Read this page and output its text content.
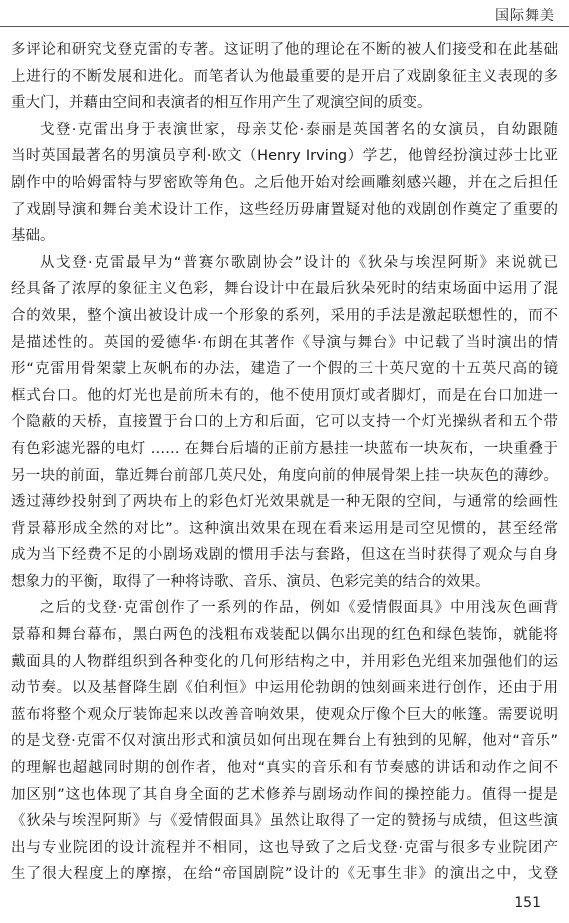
国际舞美
多评论和研究戈登克雷的专著。这证明了他的理论在不断的被人们接受和在此基础
上进行的不断发展和进化。而笔者认为他最重要的是开启了戏剧象征主义表现的多
重大门，并藉由空间和表演者的相互作用产生了观演空间的质变。
戈登·克雷出身于表演世家，母亲艾伦·泰丽是英国著名的女演员，自幼跟随
当时英国最著名的男演员亨利·欧文（Henry Irving）学艺，他曾经扮演过莎士比亚
剧作中的哈姆雷特与罗密欧等角色。之后他开始对绘画雕刻感兴趣，并在之后担任
了戏剧导演和舞台美术设计工作，这些经历毋庸置疑对他的戏剧创作奠定了重要的
基础。
从戈登·克雷最早为“普赛尔歌剧协会”设计的《狄朵与埃涅阿斯》来说就已
经具备了浓厚的象征主义色彩，舞台设计中在最后狄朵死时的结束场面中运用了混
合的效果，整个演出被设计成一个形象的系列，采用的手法是激起联想性的，而不
是描述性的。英国的爱德华·布朗在其著作《导演与舞台》中记载了当时演出的情
形“克雷用骨架蒙上灰帆布的办法，建造了一个假的三十英尺宽的十五英尺高的镜
框式台口。他的灯光也是前所未有的，他不使用顶灯或者脚灯，而是在台口加进一
个隐蔽的天桥，直接置于台口的上方和后面，它可以支持一个灯光操纵者和五个带
有色彩滤光器的电灯 …… 在舞台后墙的正前方悬挂一块蓝布一块灰布，一块重叠于
另一块的前面，靠近舞台前部几英尺处，角度向前的伸展骨架上挂一块灰色的薄纱。
透过薄纱投射到了两块布上的彩色灯光效果就是一种无限的空间，与通常的绘画性
背景幕形成全然的对比”。这种演出效果在现在看来运用是司空见惯的，甚至经常
成为当下经费不足的小剧场戏剧的惯用手法与套路，但这在当时获得了观众与自身
想象力的平衡，取得了一种将诗歌、音乐、演员、色彩完美的结合的效果。
之后的戈登·克雷创作了一系列的作品，例如《爱情假面具》中用浅灰色画背
景幕和舞台幕布，黑白两色的浅粗布戏装配以偶尔出现的红色和绿色装饰，就能将
戴面具的人物群组织到各种变化的几何形结构之中，并用彩色光组来加强他们的运
动节奏。以及基督降生剧《伯利恒》中运用伦勃朗的蚀刻画来进行创作，还由于用
蓝布将整个观众厅装饰起来以改善音响效果，使观众厅像个巨大的帐篷。需要说明
的是戈登·克雷不仅对演出形式和演员如何出现在舞台上有独到的见解，他对“音乐”
的理解也超越同时期的创作者，他对“真实的音乐和有节奏感的讲话和动作之间不
加区别”这也体现了其自身全面的艺术修养与剧场动作间的操控能力。值得一提是
《狄朵与埃涅阿斯》与《爱情假面具》虽然让取得了一定的赞扬与成绩，但这些演
出与专业院团的设计流程并不相同，这也导致了之后戈登·克雷与很多专业院团产
生了很大程度上的摩擦，在给“帝国剧院”设计的《无事生非》的演出之中，戈登
151
